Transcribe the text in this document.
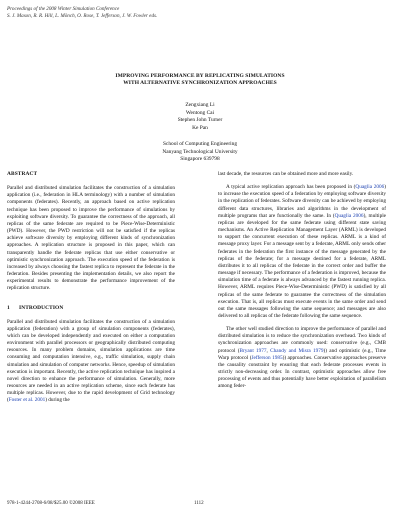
Proceedings of the 2008 Winter Simulation Conference
S. J. Mason, R. R. Hill, L. Mönch, O. Rose, T. Jefferson, J. W. Fowler eds.
IMPROVING PERFORMANCE BY REPLICATING SIMULATIONS
WITH ALTERNATIVE SYNCHRONIZATION APPROACHES
Zengxiang Li
Wentong Cai
Stephen John Turner
Ke Pan
School of Computing Engineering
Nanyang Technological University
Singapore 639798
ABSTRACT

Parallel and distributed simulation facilitates the construction of a simulation application (i.e., federation in HLA terminology) with a number of simulation components (federates). Recently, an approach based on active replication technique has been proposed to improve the performance of simulations by exploiting software diversity. To guarantee the correctness of the approach, all replicas of the same federate are required to be Piece-Wise-Deterministic (PWD). However, the PWD restriction will not be satisfied if the replicas achieve software diversity by employing different kinds of synchronization approaches. A replication structure is proposed in this paper, which can transparently handle the federate replicas that use either conservative or optimistic synchronization approach. The execution speed of the federation is increased by always choosing the fastest replica to represent the federate in the federation. Besides presenting the implementation details, we also report the experimental results to demonstrate the performance improvement of the replication structure.

1 INTRODUCTION

Parallel and distributed simulation facilitates the construction of a simulation application (federation) with a group of simulation components (federates), which can be developed independently and executed on either a computation environment with parallel processors or geographically distributed computing resources. In many problem domains, simulation applications are time consuming and computation intensive, e.g., traffic simulation, supply chain simulation and simulation of computer networks. Hence, speedup of simulation execution is important. Recently, the active replication technique has inspired a novel direction to enhance the performance of simulation. Generally, more resources are needed in an active replication scheme, since each federate has multiple replicas. However, due to the rapid development of Grid technology (Foster et al. 2001) during the

last decade, the resources can be obtained more and more easily.

A typical active replication approach has been proposed in (Quaglia 2006) to increase the execution speed of a federation by employing software diversity in the replication of federates. Software diversity can be achieved by employing different data structures, libraries and algorithms in the development of multiple programs that are functionally the same. In (Quaglia 2006), multiple replicas are developed for the same federate using different state saving mechanisms. An Active Replication Management Layer (ARML) is developed to support the concurrent execution of these replicas. ARML is a kind of message proxy layer. For a message sent by a federate, ARML only sends other federates in the federation the first instance of the message generated by the replicas of the federate; for a message destined for a federate, ARML distributes it to all replicas of the federate in the correct order and buffer the message if necessary. The performance of a federation is improved, because the simulation time of a federate is always advanced by the fastest running replica. However, ARML requires Piece-Wise-Deterministic (PWD) is satisfied by all replicas of the same federate to guarantee the correctness of the simulation execution. That is, all replicas must execute events in the same order and send out the same messages following the same sequence; and messages are also delivered to all replicas of the federate following the same sequence.

The other well studied direction to improve the performance of parallel and distributed simulation is to reduce the synchronization overhead. Two kinds of synchronization approaches are commonly used: conservative (e.g., CMB protocol (Bryant 1977, Chandy and Misra 1979)) and optimistic (e.g., Time Warp protocol (Jefferson 1985)) approaches. Conservative approaches preserve the causality constraint by ensuring that each federate processes events in strictly non-decreasing order. In contrast, optimistic approaches allow free processing of events and thus potentially have better exploitation of parallelism among feder-

978-1-4244-2708-6/08/$25.00 ©2008 IEEE	1112
